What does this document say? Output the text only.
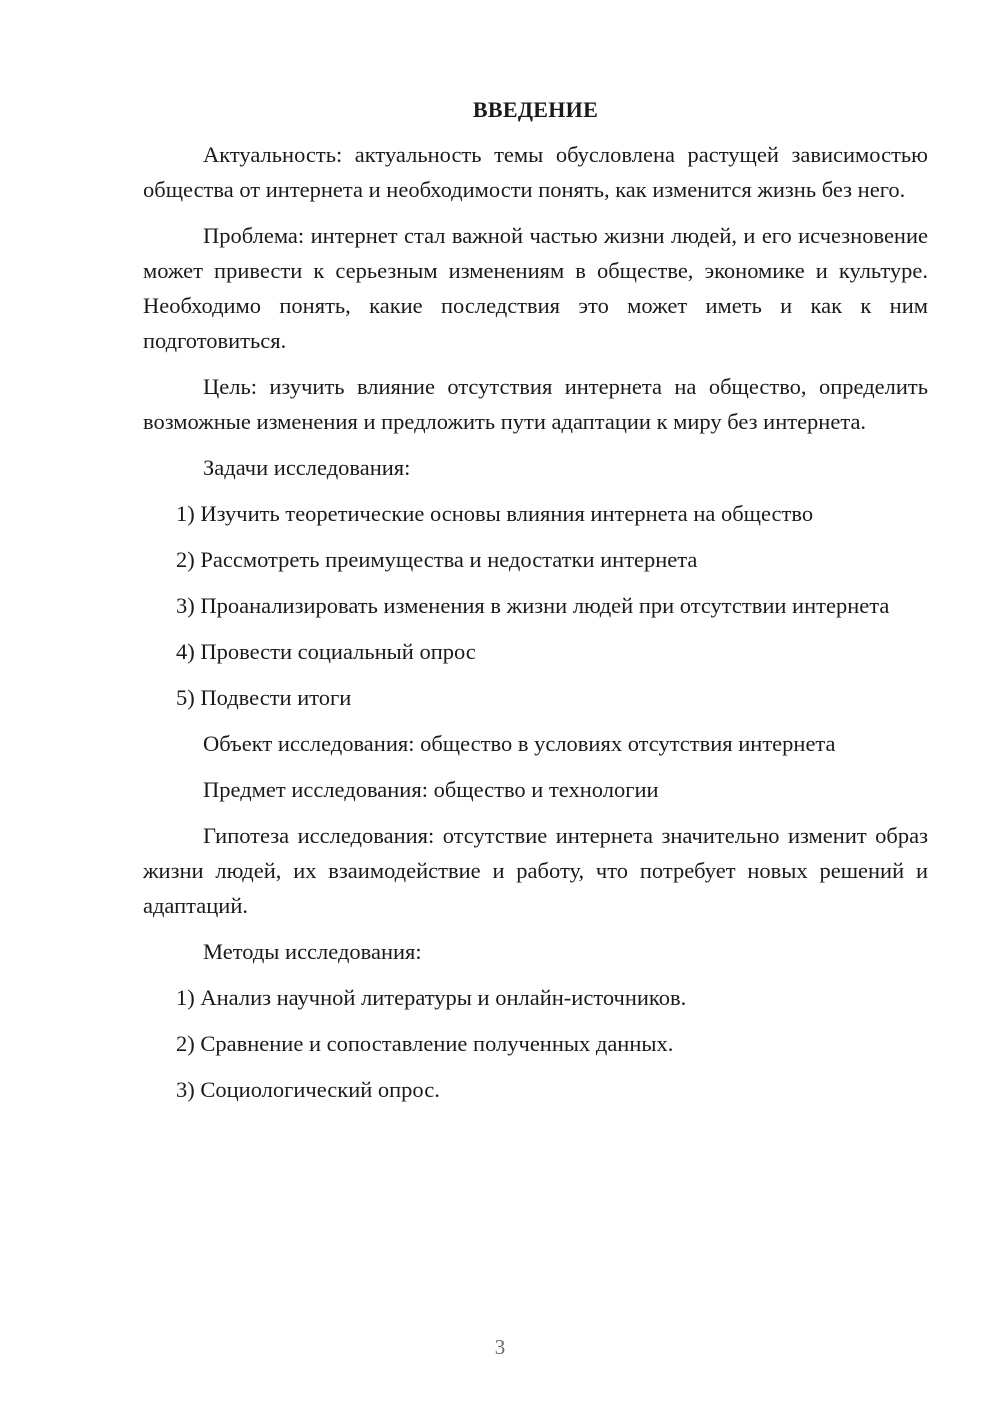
ВВЕДЕНИЕ

Актуальность: актуальность темы обусловлена растущей зависимостью общества от интернета и необходимости понять, как изменится жизнь без него.

Проблема: интернет стал важной частью жизни людей, и его исчезновение может привести к серьезным изменениям в обществе, экономике и культуре. Необходимо понять, какие последствия это может иметь и как к ним подготовиться.

Цель: изучить влияние отсутствия интернета на общество, определить возможные изменения и предложить пути адаптации к миру без интернета.

Задачи исследования:

1) Изучить теоретические основы влияния интернета на общество

2) Рассмотреть преимущества и недостатки интернета

3) Проанализировать изменения в жизни людей при отсутствии интернета

4) Провести социальный опрос

5) Подвести итоги

Объект исследования: общество в условиях отсутствия интернета

Предмет исследования: общество и технологии

Гипотеза исследования: отсутствие интернета значительно изменит образ жизни людей, их взаимодействие и работу, что потребует новых решений и адаптаций.

Методы исследования:

1) Анализ научной литературы и онлайн-источников.

2) Сравнение и сопоставление полученных данных.

3) Социологический опрос.

3
